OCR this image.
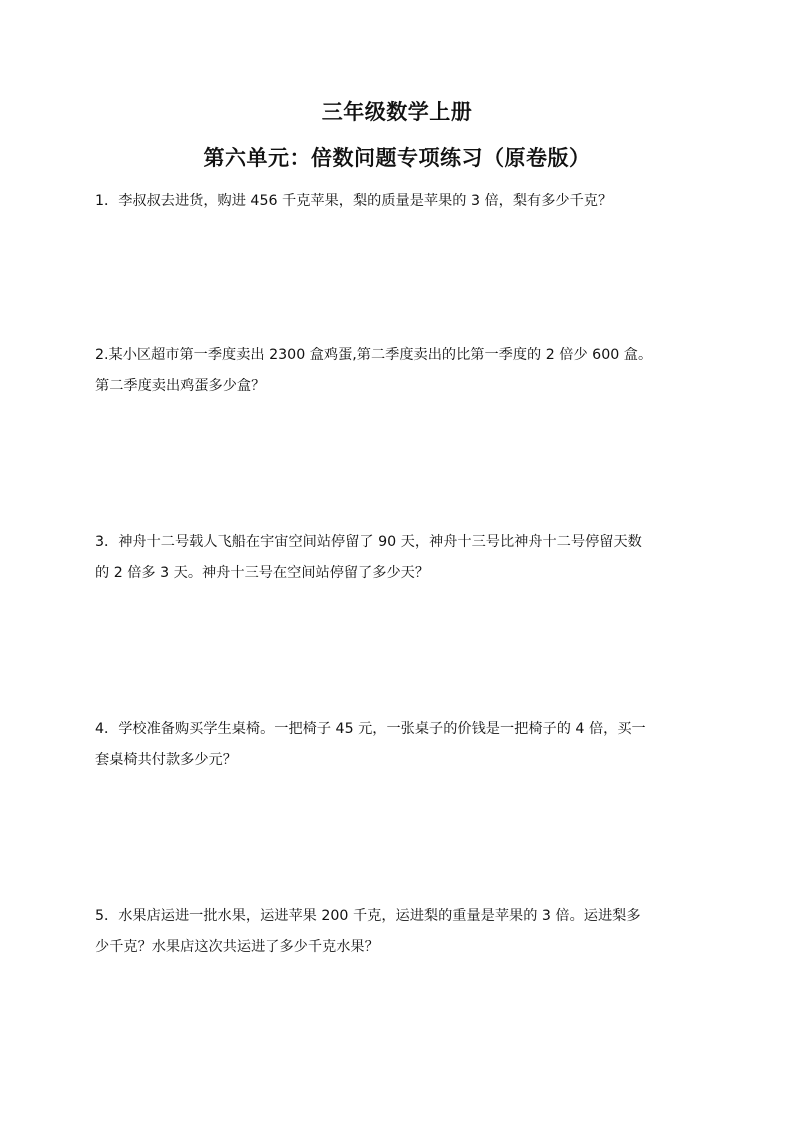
三年级数学上册
第六单元：倍数问题专项练习（原卷版）
1．李叔叔去进货，购进 456 千克苹果，梨的质量是苹果的 3 倍，梨有多少千克？
2.某小区超市第一季度卖出 2300 盒鸡蛋,第二季度卖出的比第一季度的 2 倍少 600 盒。
第二季度卖出鸡蛋多少盒？
3．神舟十二号载人飞船在宇宙空间站停留了 90 天，神舟十三号比神舟十二号停留天数
的 2 倍多 3 天。神舟十三号在空间站停留了多少天？
4．学校准备购买学生桌椅。一把椅子 45 元，一张桌子的价钱是一把椅子的 4 倍，买一
套桌椅共付款多少元？
5．水果店运进一批水果，运进苹果 200 千克，运进梨的重量是苹果的 3 倍。运进梨多
少千克？水果店这次共运进了多少千克水果？
